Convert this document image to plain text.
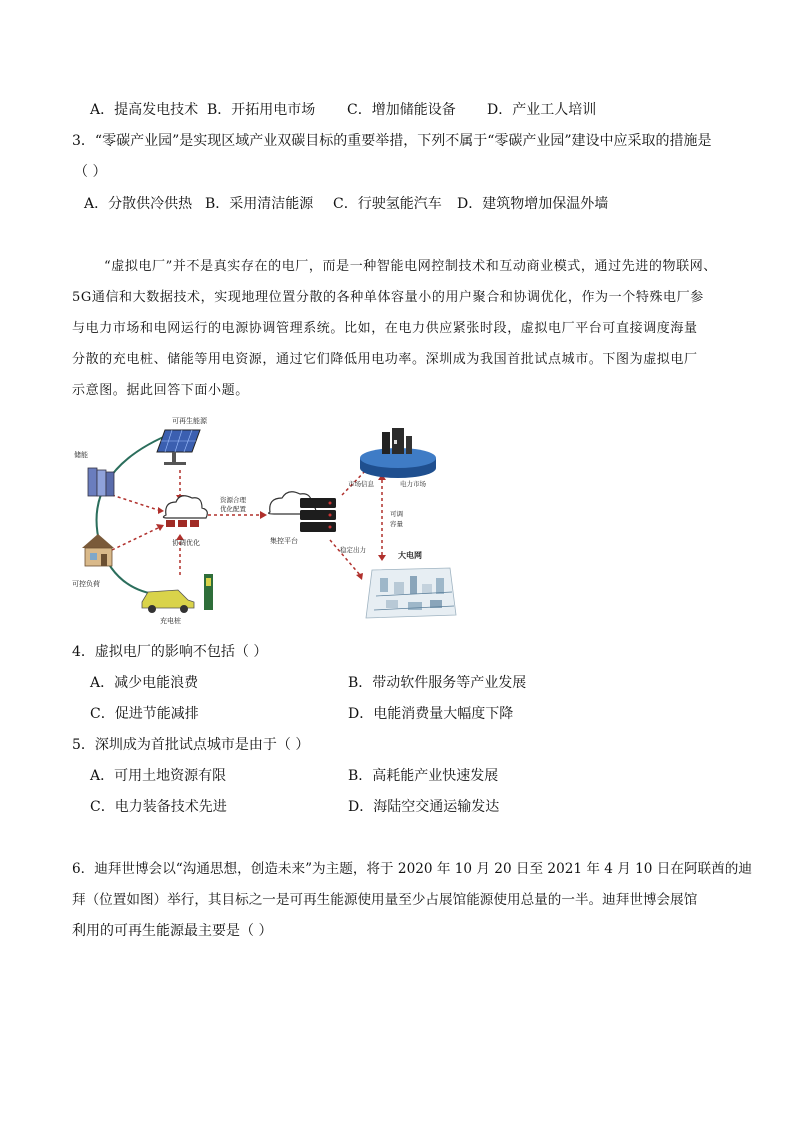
A．提高发电技术 B．开拓用电市场 C．增加储能设备 D．产业工人培训
3．“零碳产业园”是实现区域产业双碳目标的重要举措，下列不属于“零碳产业园”建设中应采取的措施是
（ ）
A．分散供冷供热 B．采用清洁能源 C．行驶氢能汽车 D．建筑物增加保温外墙
“虚拟电厂”并不是真实存在的电厂，而是一种智能电网控制技术和互动商业模式，通过先进的物联网、
5G通信和大数据技术，实现地理位置分散的各种单体容量小的用户聚合和协调优化，作为一个特殊电厂参
与电力市场和电网运行的电源协调管理系统。比如，在电力供应紧张时段，虚拟电厂平台可直接调度海量
分散的充电桩、储能等用电资源，通过它们降低用电功率。深圳成为我国首批试点城市。下图为虚拟电厂
示意图。据此回答下面小题。
可再生能源
储能
协调优化
资源合理
优化配置
集控平台
市场信息	电力市场
可调
容量
稳定出力
大电网
可控负荷
充电桩
4．虚拟电厂的影响不包括（ ）
A．减少电能浪费	B．带动软件服务等产业发展
C．促进节能减排	D．电能消费量大幅度下降
5．深圳成为首批试点城市是由于（ ）
A．可用土地资源有限	B．高耗能产业快速发展
C．电力装备技术先进	D．海陆空交通运输发达
6．迪拜世博会以“沟通思想，创造未来”为主题，将于 2020 年 10 月 20 日至 2021 年 4 月 10 日在阿联酋的迪
拜（位置如图）举行，其目标之一是可再生能源使用量至少占展馆能源使用总量的一半。迪拜世博会展馆
利用的可再生能源最主要是（ ）
